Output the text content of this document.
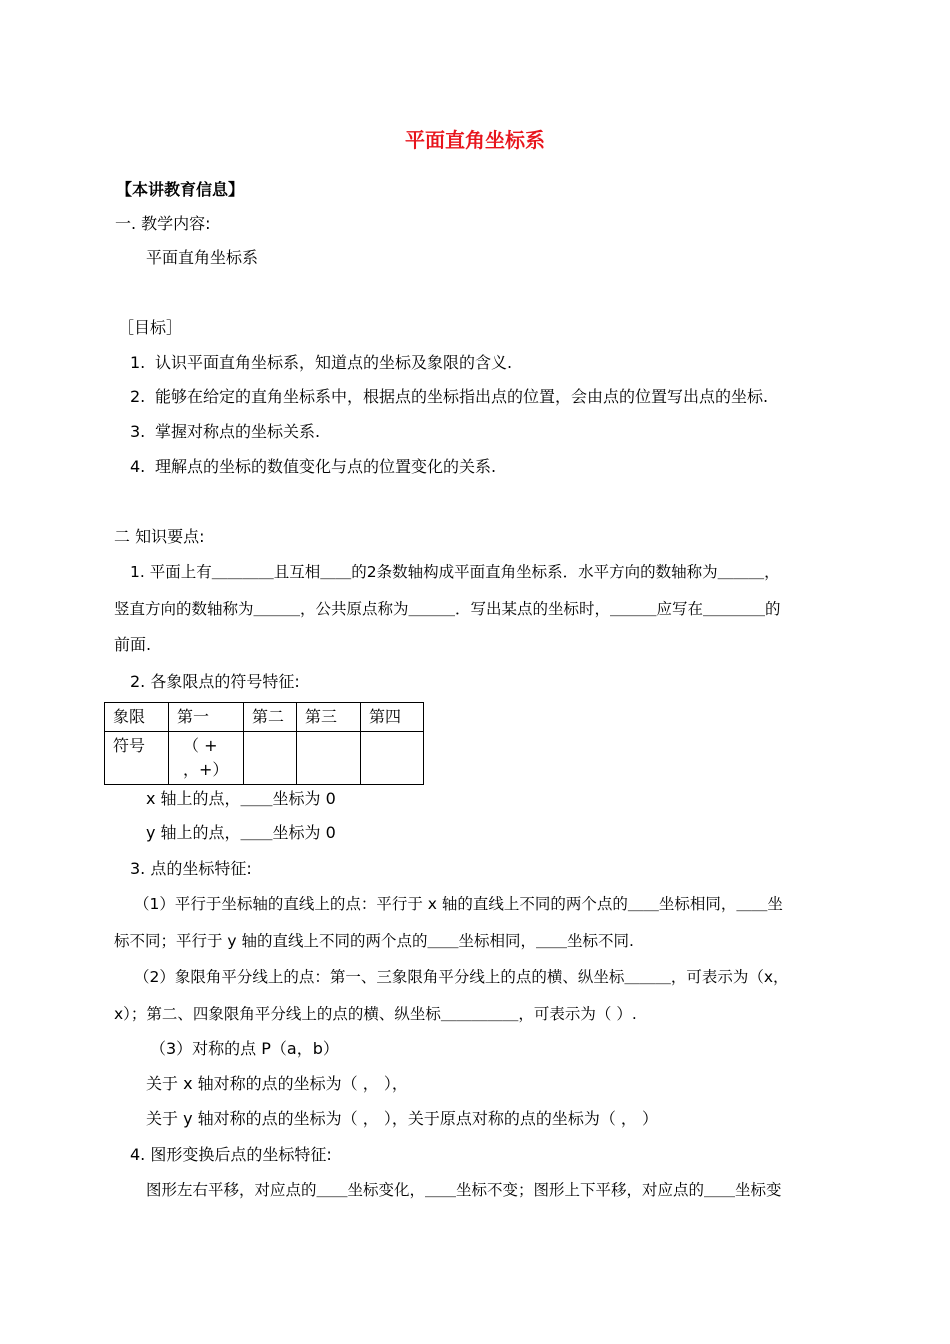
平面直角坐标系
【本讲教育信息】
一. 教学内容:
平面直角坐标系
［目标］
1. 认识平面直角坐标系，知道点的坐标及象限的含义.
2. 能够在给定的直角坐标系中，根据点的坐标指出点的位置，会由点的位置写出点的坐标.
3. 掌握对称点的坐标关系.
4. 理解点的坐标的数值变化与点的位置变化的关系.
二 知识要点:
1. 平面上有＿＿＿＿且互相＿＿的2条数轴构成平面直角坐标系．水平方向的数轴称为＿＿＿，
竖直方向的数轴称为＿＿＿，公共原点称为＿＿＿．写出某点的坐标时，＿＿＿应写在＿＿＿＿的
前面.
2. 各象限点的符号特征:
象限	第一	第二	第三	第四
符号	（ + ，+）			
x 轴上的点，＿＿坐标为 0
y 轴上的点，＿＿坐标为 0
3. 点的坐标特征:
（1）平行于坐标轴的直线上的点：平行于 x 轴的直线上不同的两个点的＿＿坐标相同，＿＿坐
标不同；平行于 y 轴的直线上不同的两个点的＿＿坐标相同，＿＿坐标不同.
（2）象限角平分线上的点：第一、三象限角平分线上的点的横、纵坐标＿＿＿，可表示为（x，
x）；第二、四象限角平分线上的点的横、纵坐标＿＿＿＿＿，可表示为（ ）.
（3）对称的点 P（a，b）
关于 x 轴对称的点的坐标为（ ， ），
关于 y 轴对称的点的坐标为（ ， ），关于原点对称的点的坐标为（ ， ）
4. 图形变换后点的坐标特征:
图形左右平移，对应点的＿＿坐标变化，＿＿坐标不变；图形上下平移，对应点的＿＿坐标变
